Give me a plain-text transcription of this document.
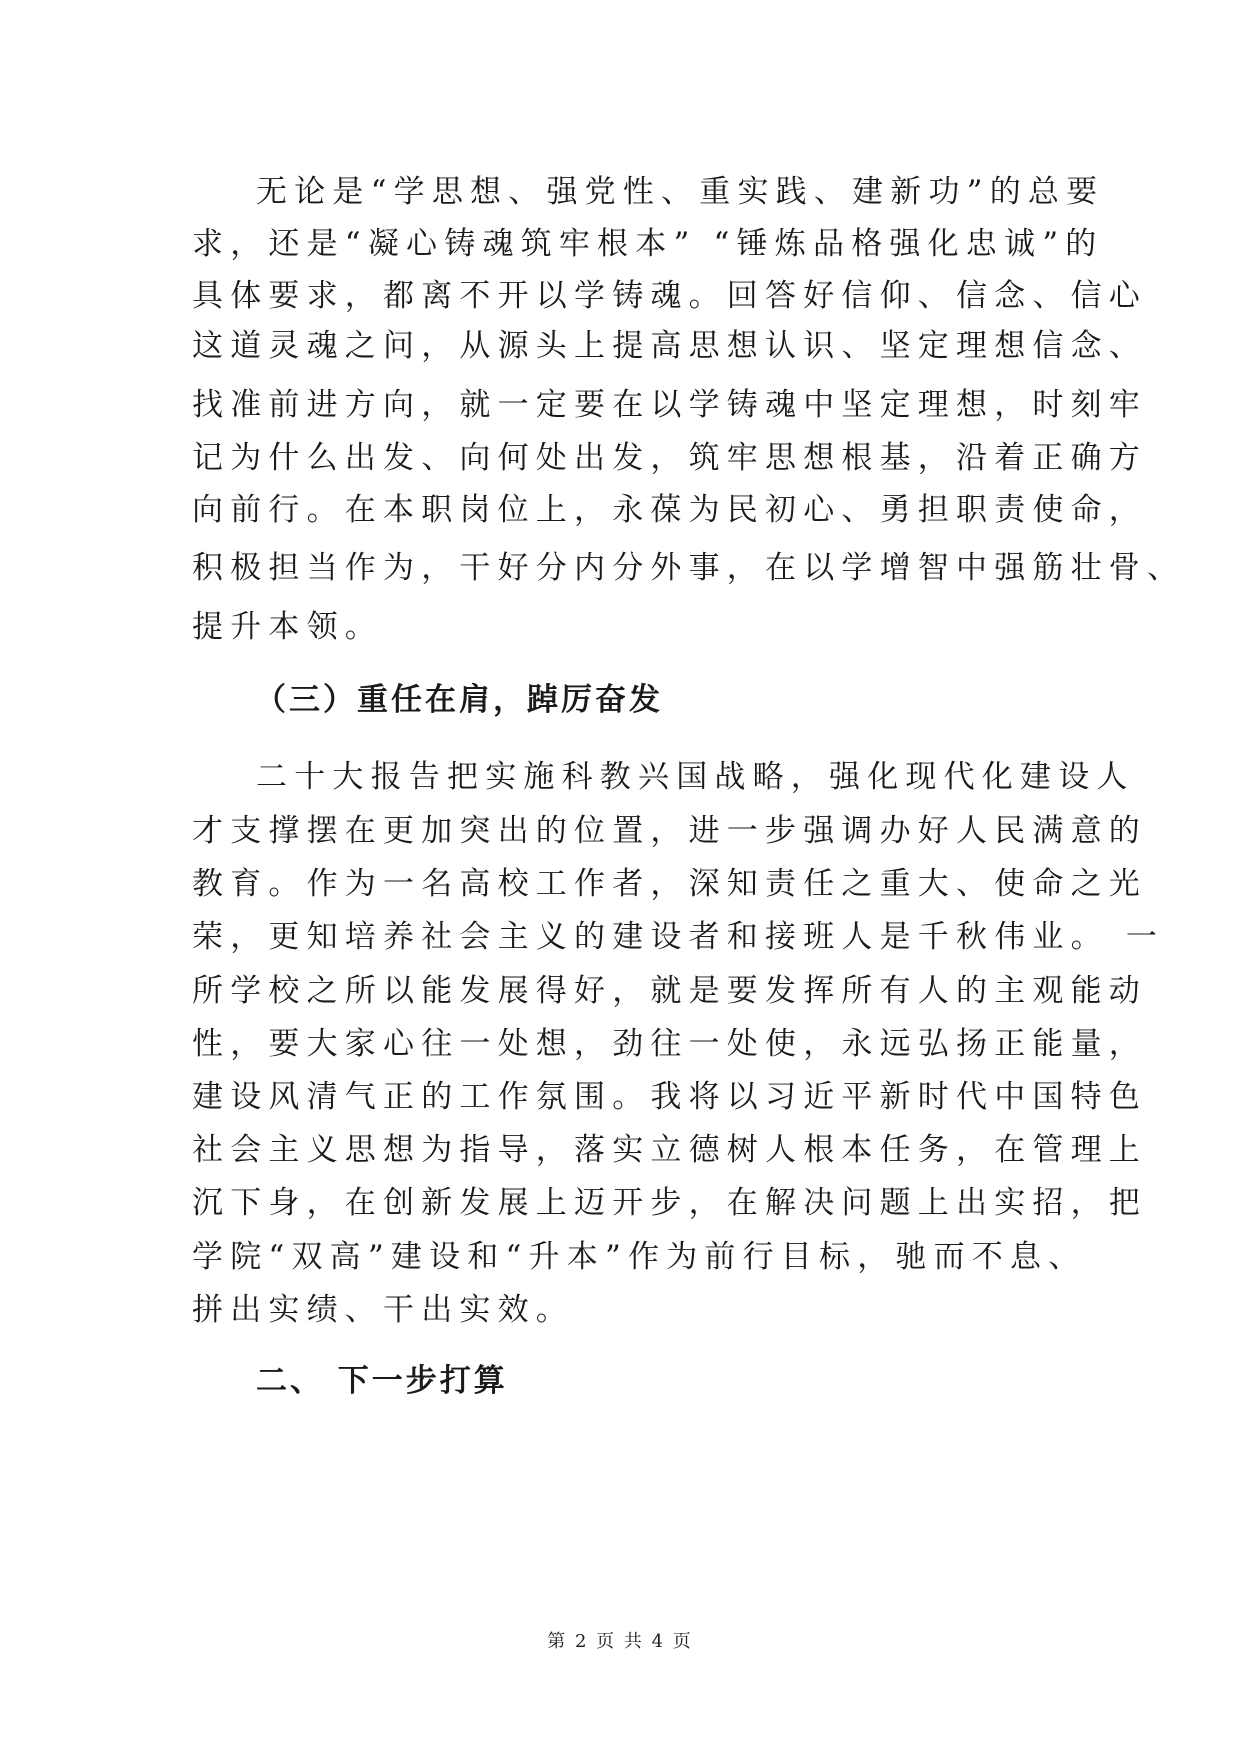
无论是“学思想、强党性、重实践、建新功”的总要
求，还是“凝心铸魂筑牢根本” “锤炼品格强化忠诚”的
具体要求，都离不开以学铸魂。回答好信仰、信念、信心
这道灵魂之问，从源头上提高思想认识、坚定理想信念、
找准前进方向，就一定要在以学铸魂中坚定理想，时刻牢
记为什么出发、向何处出发，筑牢思想根基，沿着正确方
向前行。在本职岗位上，永葆为民初心、勇担职责使命，
积极担当作为，干好分内分外事，在以学增智中强筋壮骨、
提升本领。
（三）重任在肩，踔厉奋发
二十大报告把实施科教兴国战略，强化现代化建设人
才支撑摆在更加突出的位置，进一步强调办好人民满意的
教育。作为一名高校工作者，深知责任之重大、使命之光
荣，更知培养社会主义的建设者和接班人是千秋伟业。 一
所学校之所以能发展得好，就是要发挥所有人的主观能动
性，要大家心往一处想，劲往一处使，永远弘扬正能量，
建设风清气正的工作氛围。我将以习近平新时代中国特色
社会主义思想为指导，落实立德树人根本任务，在管理上
沉下身，在创新发展上迈开步，在解决问题上出实招，把
学院“双高”建设和“升本”作为前行目标，驰而不息、
拼出实绩、干出实效。
二、 下一步打算
第 2 页 共 4 页
